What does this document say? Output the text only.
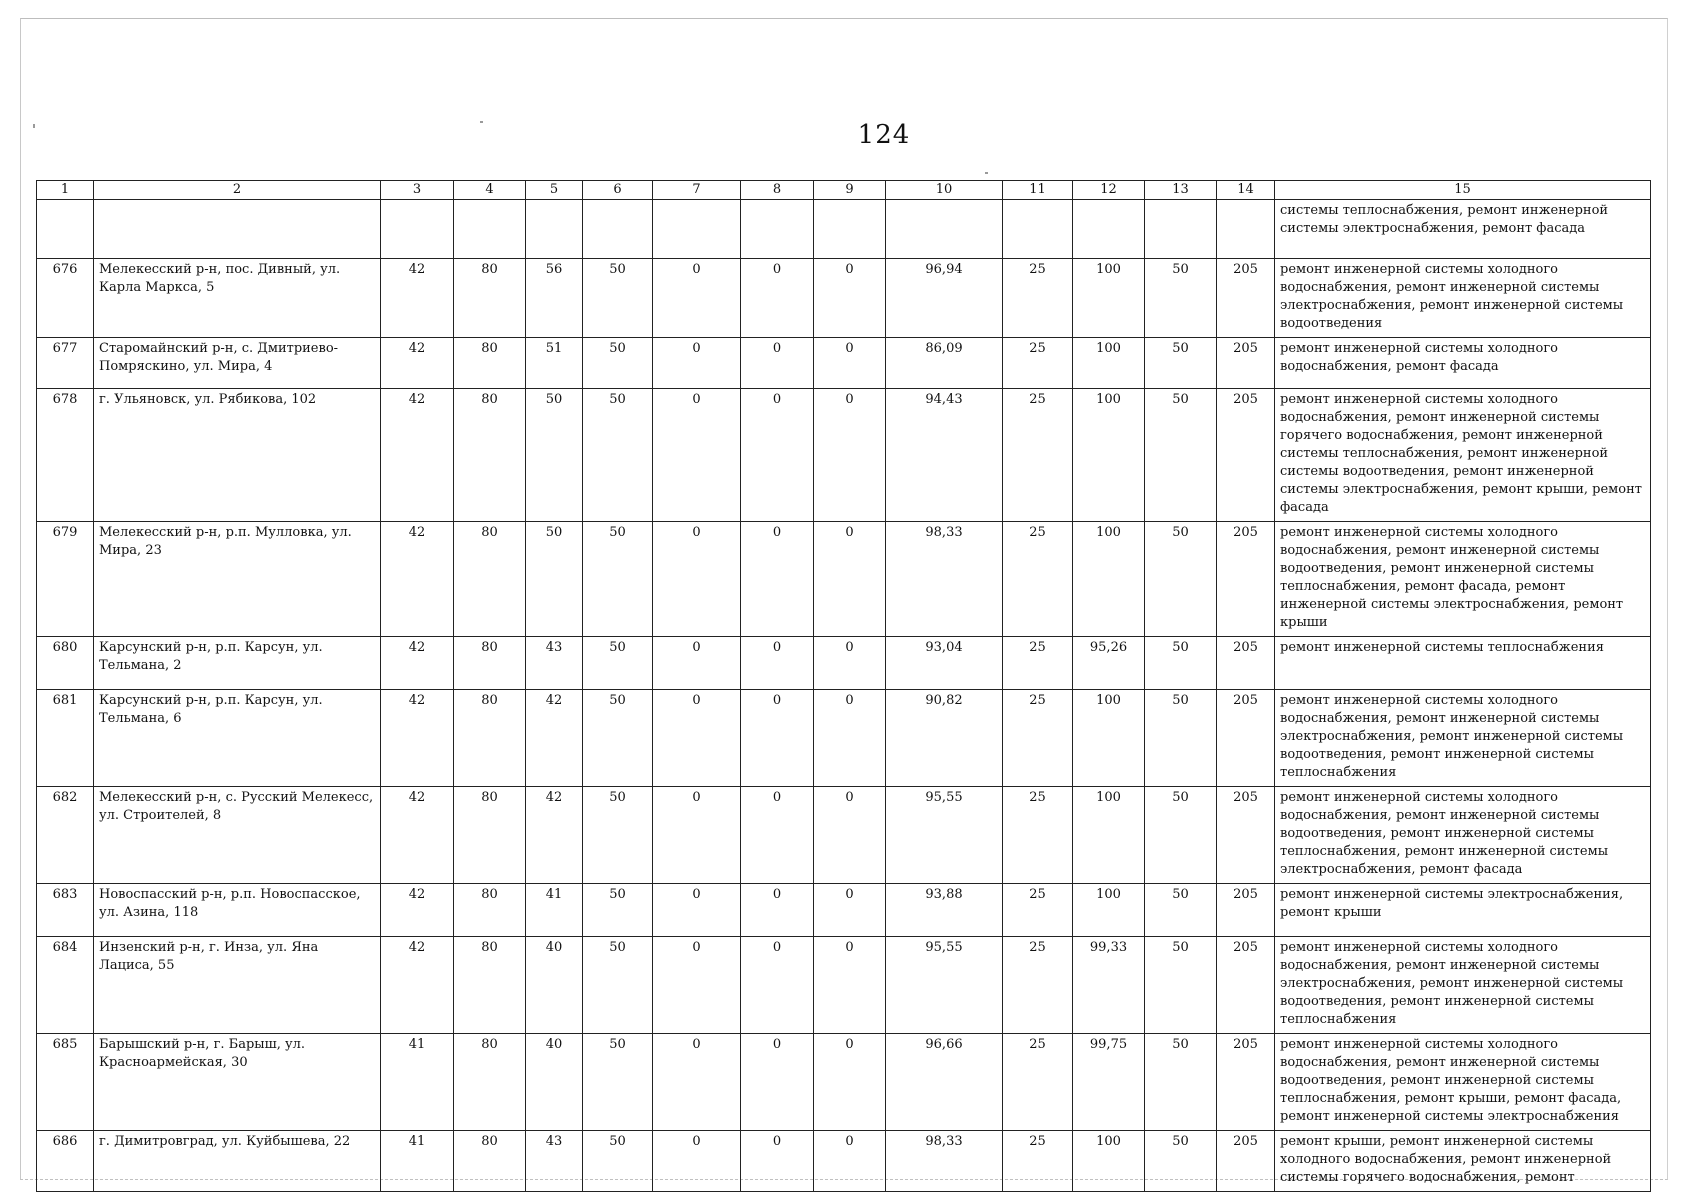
124
1	2	3	4	5	6	7	8	9	10	11	12	13	14	15
														системы теплоснабжения, ремонт инженерной системы электроснабжения, ремонт фасада
676	Мелекесский р-н, пос. Дивный, ул. Карла Маркса, 5	42	80	56	50	0	0	0	96,94	25	100	50	205	ремонт инженерной системы холодного водоснабжения, ремонт инженерной системы электроснабжения, ремонт инженерной системы водоотведения
677	Старомайнский р-н, с. Дмитриево-Помряскино, ул. Мира, 4	42	80	51	50	0	0	0	86,09	25	100	50	205	ремонт инженерной системы холодного водоснабжения, ремонт фасада
678	г. Ульяновск, ул. Рябикова, 102	42	80	50	50	0	0	0	94,43	25	100	50	205	ремонт инженерной системы холодного водоснабжения, ремонт инженерной системы горячего водоснабжения, ремонт инженерной системы теплоснабжения, ремонт инженерной системы водоотведения, ремонт инженерной системы электроснабжения, ремонт крыши, ремонт фасада
679	Мелекесский р-н, р.п. Мулловка, ул. Мира, 23	42	80	50	50	0	0	0	98,33	25	100	50	205	ремонт инженерной системы холодного водоснабжения, ремонт инженерной системы водоотведения, ремонт инженерной системы теплоснабжения, ремонт фасада, ремонт инженерной системы электроснабжения, ремонт крыши
680	Карсунский р-н, р.п. Карсун, ул. Тельмана, 2	42	80	43	50	0	0	0	93,04	25	95,26	50	205	ремонт инженерной системы теплоснабжения
681	Карсунский р-н, р.п. Карсун, ул. Тельмана, 6	42	80	42	50	0	0	0	90,82	25	100	50	205	ремонт инженерной системы холодного водоснабжения, ремонт инженерной системы электроснабжения, ремонт инженерной системы водоотведения, ремонт инженерной системы теплоснабжения
682	Мелекесский р-н, с. Русский Мелекесс, ул. Строителей, 8	42	80	42	50	0	0	0	95,55	25	100	50	205	ремонт инженерной системы холодного водоснабжения, ремонт инженерной системы водоотведения, ремонт инженерной системы теплоснабжения, ремонт инженерной системы электроснабжения, ремонт фасада
683	Новоспасский р-н, р.п. Новоспасское, ул. Азина, 118	42	80	41	50	0	0	0	93,88	25	100	50	205	ремонт инженерной системы электроснабжения, ремонт крыши
684	Инзенский р-н, г. Инза, ул. Яна Лациса, 55	42	80	40	50	0	0	0	95,55	25	99,33	50	205	ремонт инженерной системы холодного водоснабжения, ремонт инженерной системы электроснабжения, ремонт инженерной системы водоотведения, ремонт инженерной системы теплоснабжения
685	Барышский р-н, г. Барыш, ул. Красноармейская, 30	41	80	40	50	0	0	0	96,66	25	99,75	50	205	ремонт инженерной системы холодного водоснабжения, ремонт инженерной системы водоотведения, ремонт инженерной системы теплоснабжения, ремонт крыши, ремонт фасада, ремонт инженерной системы электроснабжения
686	г. Димитровград, ул. Куйбышева, 22	41	80	43	50	0	0	0	98,33	25	100	50	205	ремонт крыши, ремонт инженерной системы холодного водоснабжения, ремонт инженерной системы горячего водоснабжения, ремонт
